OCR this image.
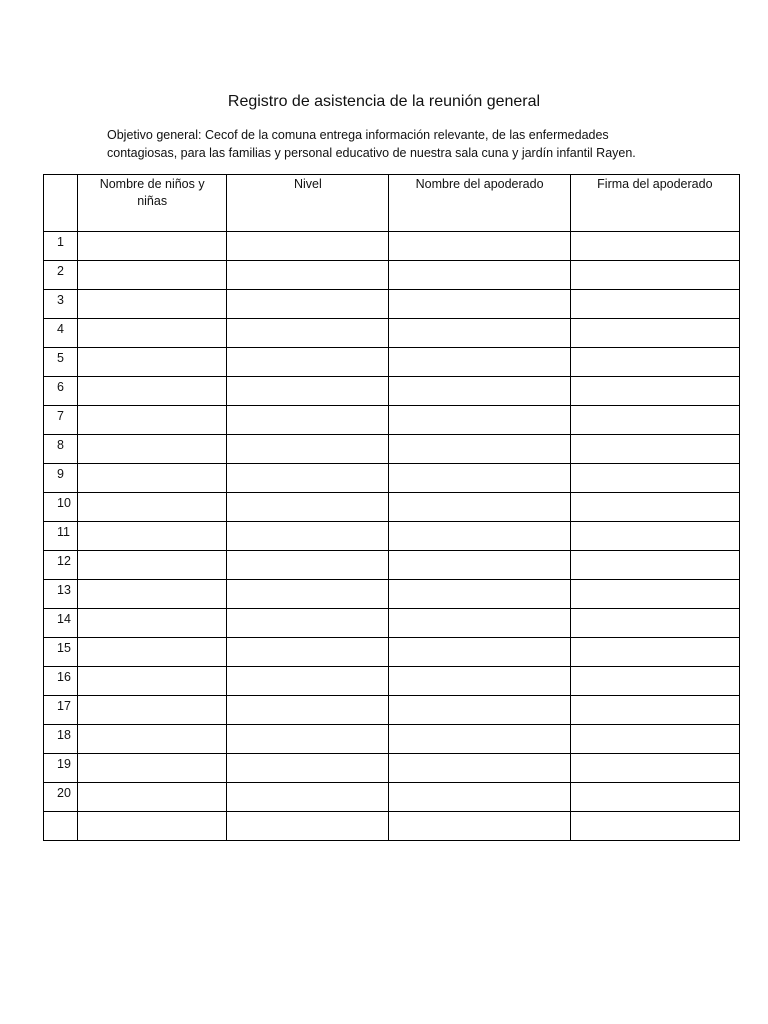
Registro de asistencia de la reunión general
Objetivo general: Cecof de la comuna entrega información relevante, de las enfermedades
contagiosas, para las familias y personal educativo de nuestra sala cuna y jardín infantil Rayen.

	Nombre de niños y niñas	Nivel	Nombre del apoderado	Firma del apoderado

1				
2				
3				
4				
5				
6				
7				
8				
9				
10				
11				
12				
13				
14				
15				
16				
17				
18				
19				
20				
